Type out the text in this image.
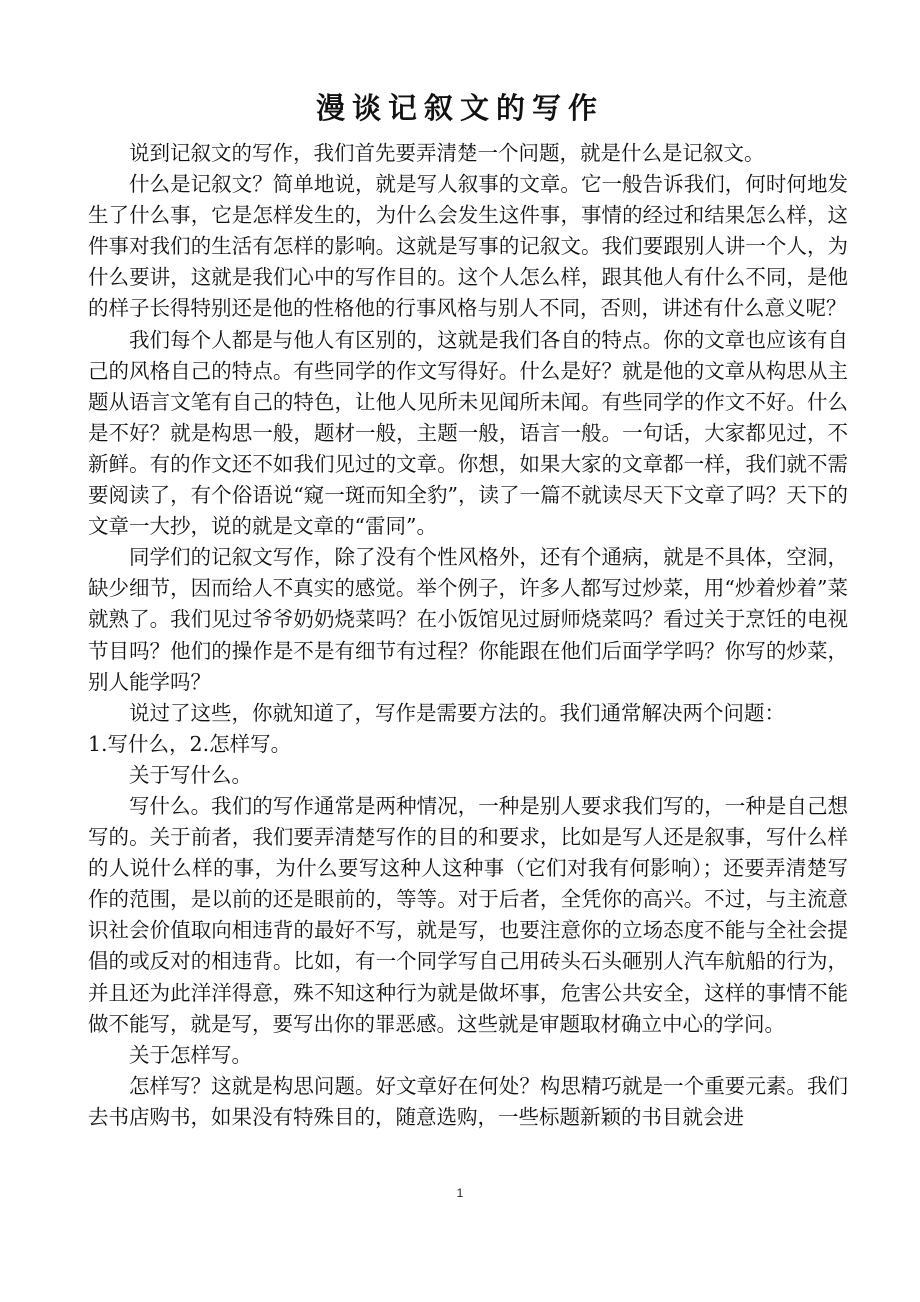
漫谈记叙文的写作

说到记叙文的写作，我们首先要弄清楚一个问题，就是什么是记叙文。

什么是记叙文？简单地说，就是写人叙事的文章。它一般告诉我们，何时何地发生了什么事，它是怎样发生的，为什么会发生这件事，事情的经过和结果怎么样，这件事对我们的生活有怎样的影响。这就是写事的记叙文。我们要跟别人讲一个人，为什么要讲，这就是我们心中的写作目的。这个人怎么样，跟其他人有什么不同，是他的样子长得特别还是他的性格他的行事风格与别人不同，否则，讲述有什么意义呢？

我们每个人都是与他人有区别的，这就是我们各自的特点。你的文章也应该有自己的风格自己的特点。有些同学的作文写得好。什么是好？就是他的文章从构思从主题从语言文笔有自己的特色，让他人见所未见闻所未闻。有些同学的作文不好。什么是不好？就是构思一般，题材一般，主题一般，语言一般。一句话，大家都见过，不新鲜。有的作文还不如我们见过的文章。你想，如果大家的文章都一样，我们就不需要阅读了，有个俗语说“窥一斑而知全豹”，读了一篇不就读尽天下文章了吗？天下的文章一大抄，说的就是文章的“雷同”。

同学们的记叙文写作，除了没有个性风格外，还有个通病，就是不具体，空洞，缺少细节，因而给人不真实的感觉。举个例子，许多人都写过炒菜，用“炒着炒着”菜就熟了。我们见过爷爷奶奶烧菜吗？在小饭馆见过厨师烧菜吗？看过关于烹饪的电视节目吗？他们的操作是不是有细节有过程？你能跟在他们后面学学吗？你写的炒菜，别人能学吗？

说过了这些，你就知道了，写作是需要方法的。我们通常解决两个问题：
1.写什么，2.怎样写。

关于写什么。

写什么。我们的写作通常是两种情况，一种是别人要求我们写的，一种是自己想写的。关于前者，我们要弄清楚写作的目的和要求，比如是写人还是叙事，写什么样的人说什么样的事，为什么要写这种人这种事（它们对我有何影响）；还要弄清楚写作的范围，是以前的还是眼前的，等等。对于后者，全凭你的高兴。不过，与主流意识社会价值取向相违背的最好不写，就是写，也要注意你的立场态度不能与全社会提倡的或反对的相违背。比如，有一个同学写自己用砖头石头砸别人汽车航船的行为，并且还为此洋洋得意，殊不知这种行为就是做坏事，危害公共安全，这样的事情不能做不能写，就是写，要写出你的罪恶感。这些就是审题取材确立中心的学问。

关于怎样写。

怎样写？这就是构思问题。好文章好在何处？构思精巧就是一个重要元素。我们去书店购书，如果没有特殊目的，随意选购，一些标题新颖的书目就会进

1
